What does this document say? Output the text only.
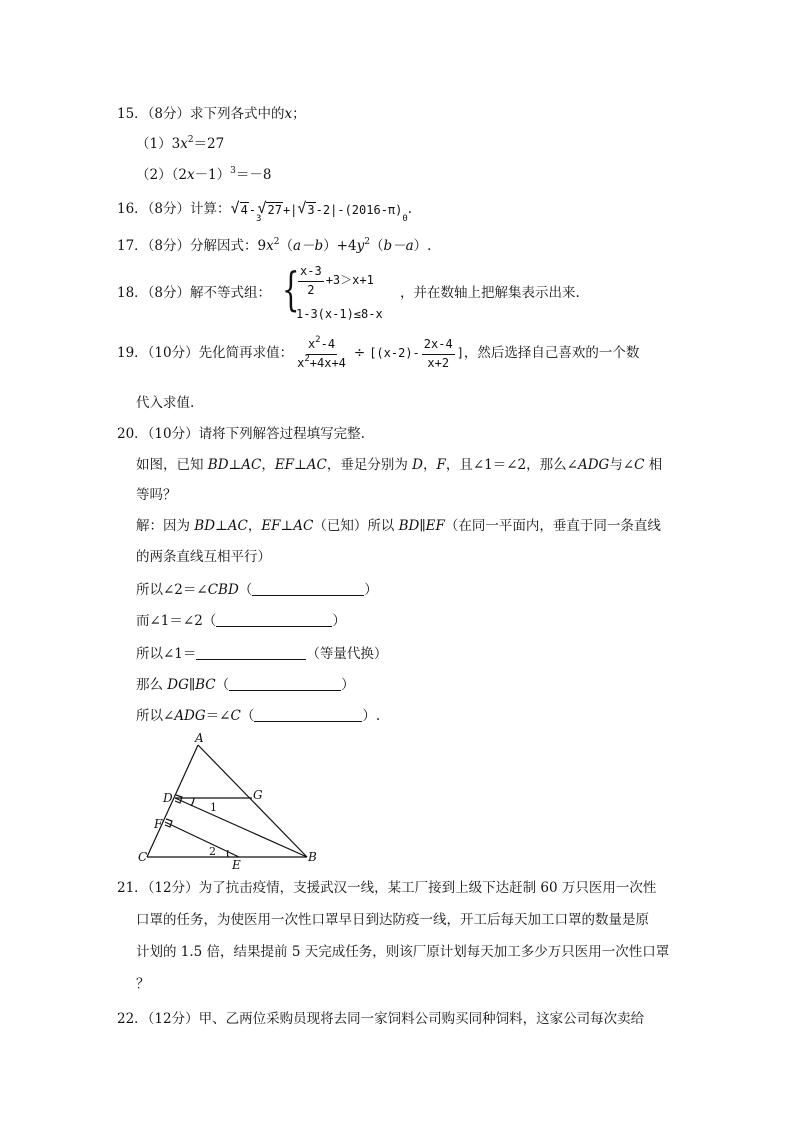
15．（8分）求下列各式中的x；
$(1)3x^2=27$
$(2)(2x-1)^3=-8$
16．（8分）计算： √ 4 -
3
√ 27 +| √ 3 -2 | -(2016-π)
0
.
17．（8分）分解因式：$9x^2(a-b)+4y^2(b-a)$.
18．（8分）解不等式组： {
$\frac{x-3}{2} +3>x+1$
1-3(x-1)≤8-x
，并在数轴上把解集表示出来.
19．（10分）先化简再求值： $\frac{x^2-4}{x^2+4x+4} \div [(x-2)- \frac{2x-4}{x+2}$ ] ，然后选择自己喜欢的一个数
代入求值.
20．（10分）请将下列解答过程填写完整.
如图，已知 BD⊥AC，EF⊥AC，垂足分别为 D，F，且∠1＝∠2，那么∠ADG与∠C 相
等吗？
解：因为 BD⊥AC，EF⊥AC（已知）所以 BD∥EF（在同一平面内，垂直于同一条直线
的两条直线互相平行）
所以∠2＝∠CBD（	）
而∠1＝∠2（	）
所以∠1＝	（等量代换）
那么 DG∥BC（	）
所以∠ADG＝∠C（	）.
A
D	G
F
C
E
B
1
2
21．（12分）为了抗击疫情，支援武汉一线，某工厂接到上级下达赶制 60 万只医用一次性
口罩的任务，为使医用一次性口罩早日到达防疫一线，开工后每天加工口罩的数量是原
计划的 1.5 倍，结果提前 5 天完成任务，则该厂原计划每天加工多少万只医用一次性口罩
？
22．（12分）甲、乙两位采购员现将去同一家饲料公司购买同种饲料，这家公司每次卖给
